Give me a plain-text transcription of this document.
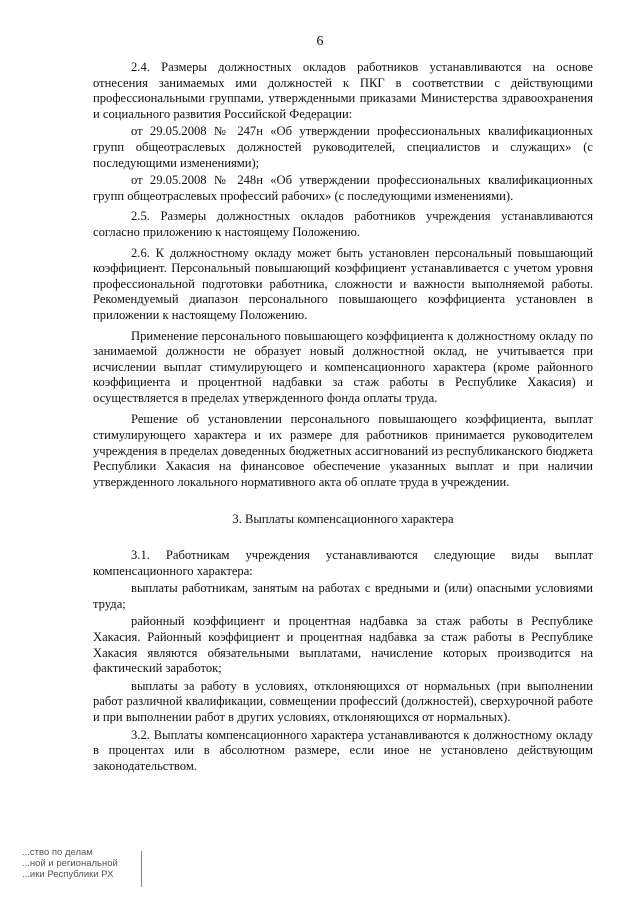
6

2.4. Размеры должностных окладов работников устанавливаются на основе отнесения занимаемых ими должностей к ПКГ в соответствии с действующими профессиональными группами, утвержденными приказами Министерства здравоохранения и социального развития Российской Федерации:

от 29.05.2008 № 247н «Об утверждении профессиональных квалификационных групп общеотраслевых должностей руководителей, специалистов и служащих» (с последующими изменениями);

от 29.05.2008 № 248н «Об утверждении профессиональных квалификационных групп общеотраслевых профессий рабочих» (с последующими изменениями).

2.5. Размеры должностных окладов работников учреждения устанавливаются согласно приложению к настоящему Положению.

2.6. К должностному окладу может быть установлен персональный повышающий коэффициент. Персональный повышающий коэффициент устанавливается с учетом уровня профессиональной подготовки работника, сложности и важности выполняемой работы. Рекомендуемый диапазон персонального повышающего коэффициента установлен в приложении к настоящему Положению.

Применение персонального повышающего коэффициента к должностному окладу по занимаемой должности не образует новый должностной оклад, не учитывается при исчислении выплат стимулирующего и компенсационного характера (кроме районного коэффициента и процентной надбавки за стаж работы в Республике Хакасия) и осуществляется в пределах утвержденного фонда оплаты труда.

Решение об установлении персонального повышающего коэффициента, выплат стимулирующего характера и их размере для работников принимается руководителем учреждения в пределах доведенных бюджетных ассигнований из республиканского бюджета Республики Хакасия на финансовое обеспечение указанных выплат и при наличии утвержденного локального нормативного акта об оплате труда в учреждении.

3. Выплаты компенсационного характера

3.1. Работникам учреждения устанавливаются следующие виды выплат компенсационного характера:

выплаты работникам, занятым на работах с вредными и (или) опасными условиями труда;

районный коэффициент и процентная надбавка за стаж работы в Республике Хакасия. Районный коэффициент и процентная надбавка за стаж работы в Республике Хакасия являются обязательными выплатами, начисление которых производится на фактический заработок;

выплаты за работу в условиях, отклоняющихся от нормальных (при выполнении работ различной квалификации, совмещении профессий (должностей), сверхурочной работе и при выполнении работ в других условиях, отклоняющихся от нормальных).

3.2. Выплаты компенсационного характера устанавливаются к должностному окладу в процентах или в абсолютном размере, если иное не установлено действующим законодательством.

...ство по делам
...ной и региональной
...ики Республики РХ
